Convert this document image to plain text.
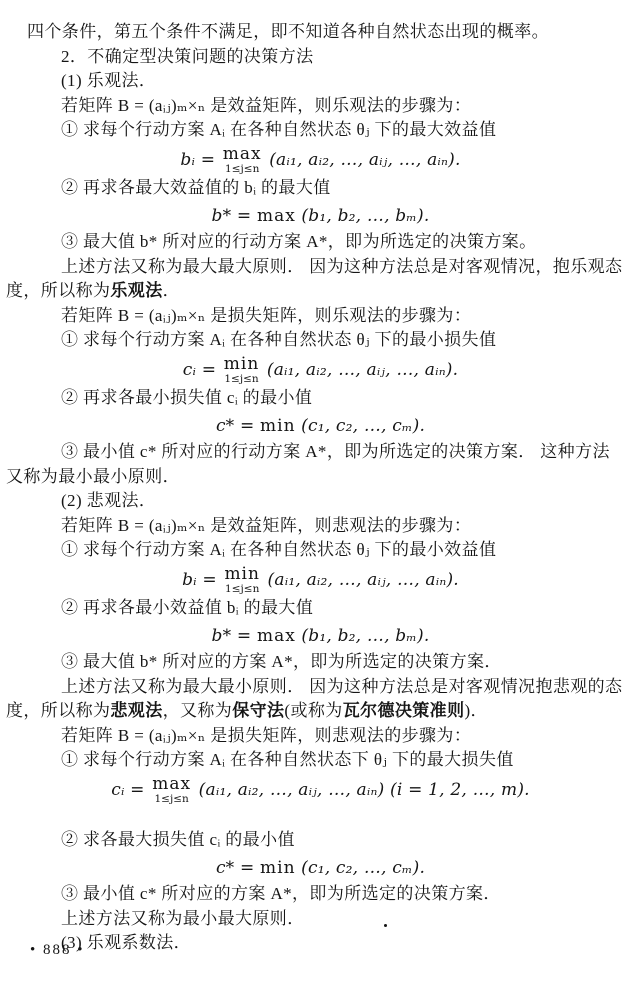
四个条件，第五个条件不满足，即不知道各种自然状态出现的概率。
2．不确定型决策问题的决策方法
(1) 乐观法．
若矩阵 B = (aᵢⱼ)ₘ×ₙ 是效益矩阵，则乐观法的步骤为：
① 求每个行动方案 Aᵢ 在各种自然状态 θⱼ 下的最大效益值
bᵢ = max
1≤j≤n (aᵢ₁, aᵢ₂, …, aᵢⱼ, …, aᵢₙ).
② 再求各最大效益值的 bᵢ 的最大值
b* = max (b₁, b₂, …, bₘ).
③ 最大值 b* 所对应的行动方案 A*，即为所选定的决策方案。
上述方法又称为最大最大原则． 因为这种方法总是对客观情况，抱乐观态
度，所以称为乐观法．
若矩阵 B = (aᵢⱼ)ₘ×ₙ 是损失矩阵，则乐观法的步骤为：
① 求每个行动方案 Aᵢ 在各种自然状态 θⱼ 下的最小损失值
cᵢ = min
1≤j≤n (aᵢ₁, aᵢ₂, …, aᵢⱼ, …, aᵢₙ).
② 再求各最小损失值 cᵢ 的最小值
c* = min (c₁, c₂, …, cₘ).
③ 最小值 c* 所对应的行动方案 A*，即为所选定的决策方案． 这种方法
又称为最小最小原则．
(2) 悲观法．
若矩阵 B = (aᵢⱼ)ₘ×ₙ 是效益矩阵，则悲观法的步骤为：
① 求每个行动方案 Aᵢ 在各种自然状态 θⱼ 下的最小效益值
bᵢ = min
1≤j≤n (aᵢ₁, aᵢ₂, …, aᵢⱼ, …, aᵢₙ).
② 再求各最小效益值 bᵢ 的最大值
b* = max (b₁, b₂, …, bₘ).
③ 最大值 b* 所对应的方案 A*，即为所选定的决策方案．
上述方法又称为最大最小原则． 因为这种方法总是对客观情况抱悲观的态
度，所以称为悲观法，又称为保守法(或称为瓦尔德决策准则)．
若矩阵 B = (aᵢⱼ)ₘ×ₙ 是损失矩阵，则悲观法的步骤为：
① 求每个行动方案 Aᵢ 在各种自然状态下 θⱼ 下的最大损失值
cᵢ = max
1≤j≤n (aᵢ₁, aᵢ₂, …, aᵢⱼ, …, aᵢₙ) (i = 1, 2, …, m).
② 求各最大损失值 cᵢ 的最小值
c* = min (c₁, c₂, …, cₘ).
③ 最小值 c* 所对应的方案 A*，即为所选定的决策方案．
上述方法又称为最小最大原则．
(3) 乐观系数法．
• 888 •
